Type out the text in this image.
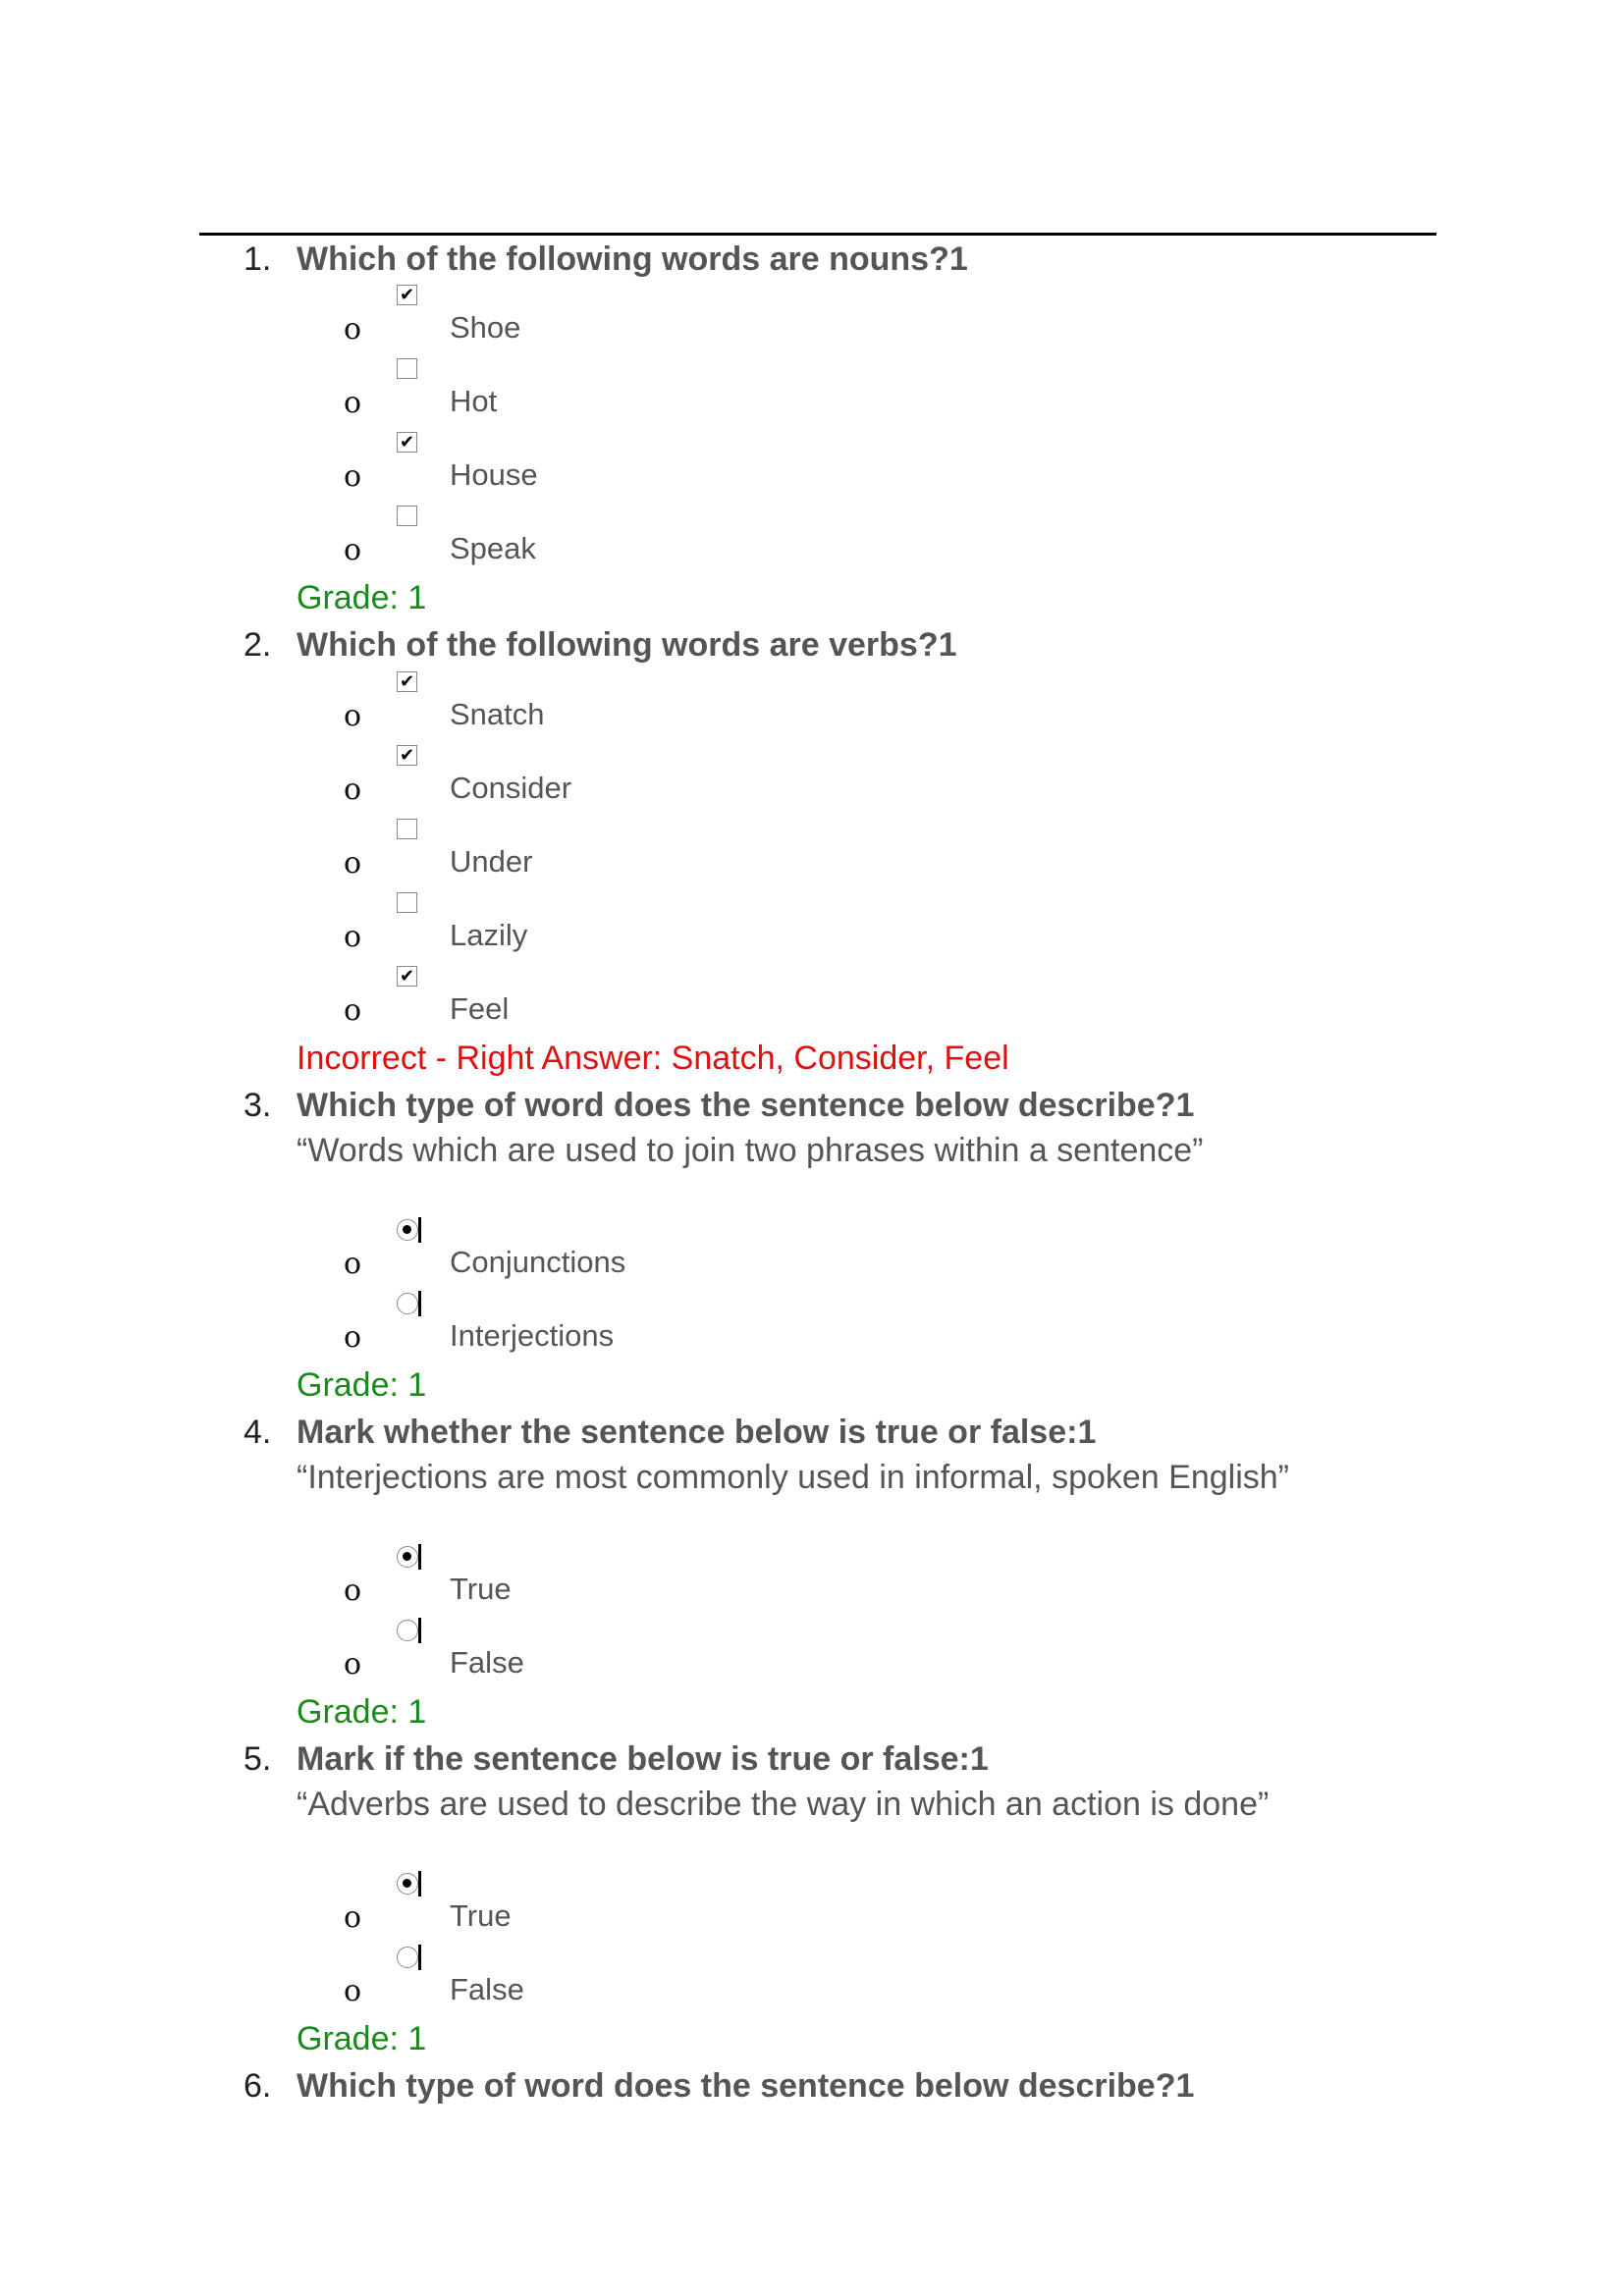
1. Which of the following words are nouns?1
o
✔
Shoe
o	Hot
o
✔
House
o	Speak
Grade: 1
2. Which of the following words are verbs?1
o
✔
Snatch
o
✔
Consider
o	Under
o	Lazily
o
✔
Feel
Incorrect - Right Answer: Snatch, Consider, Feel
3. Which type of word does the sentence below describe?1
“Words which are used to join two phrases within a sentence”
o	Conjunctions
o	Interjections
Grade: 1
4. Mark whether the sentence below is true or false:1
“Interjections are most commonly used in informal, spoken English”
o	True
o	False
Grade: 1
5. Mark if the sentence below is true or false:1
“Adverbs are used to describe the way in which an action is done”
o	True
o	False
Grade: 1
6. Which type of word does the sentence below describe?1
